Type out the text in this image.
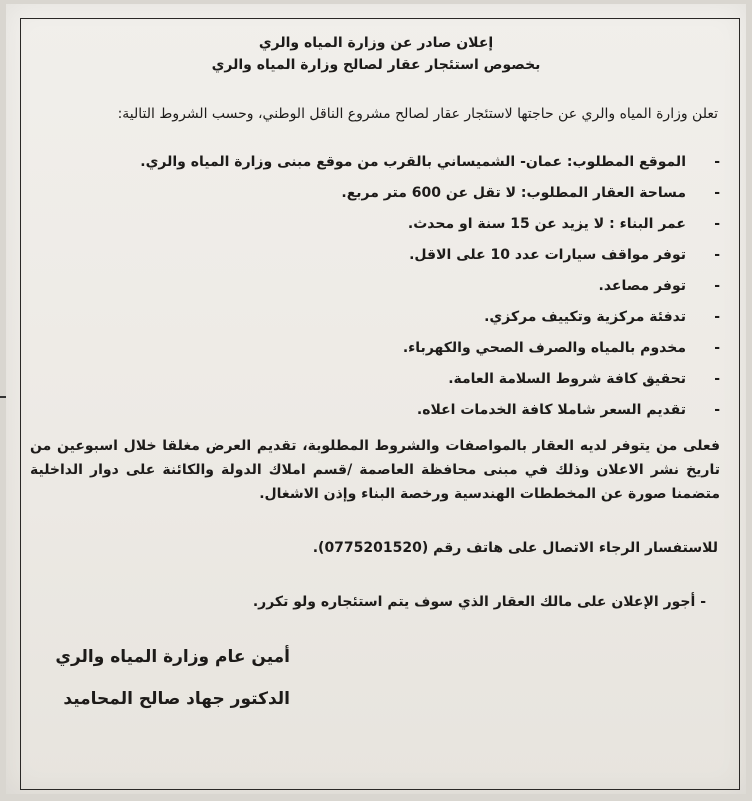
إعلان صادر عن وزارة المياه والري
بخصوص استئجار عقار لصالح وزارة المياه والري
تعلن وزارة المياه والري عن حاجتها لاستئجار عقار لصالح مشروع الناقل الوطني، وحسب الشروط التالية:
-
الموقع المطلوب: عمان- الشميساني بالقرب من موقع مبنى وزارة المياه والري.
-
مساحة العقار المطلوب: لا تقل عن 600 متر مربع.
-
عمر البناء : لا يزيد عن 15 سنة او محدث.
-
توفر مواقف سيارات عدد 10 على الاقل.
-
توفر مصاعد.
-
تدفئة مركزية وتكييف مركزي.
-
مخدوم بالمياه والصرف الصحي والكهرباء.
-
تحقيق كافة شروط السلامة العامة.
-
تقديم السعر شاملا كافة الخدمات اعلاه.
فعلى من يتوفر لديه العقار بالمواصفات والشروط المطلوبة، تقديم العرض مغلقا خلال اسبوعين من تاريخ نشر الاعلان وذلك في مبنى محافظة العاصمة /قسم املاك الدولة والكائنة على دوار الداخلية متضمنا صورة عن المخططات الهندسية ورخصة البناء وإذن الاشغال.
للاستفسار الرجاء الاتصال على هاتف رقم (0775201520).
- أجور الإعلان على مالك العقار الذي سوف يتم استئجاره ولو تكرر.
أمين عام وزارة المياه والري
الدكتور جهاد صالح المحاميد
